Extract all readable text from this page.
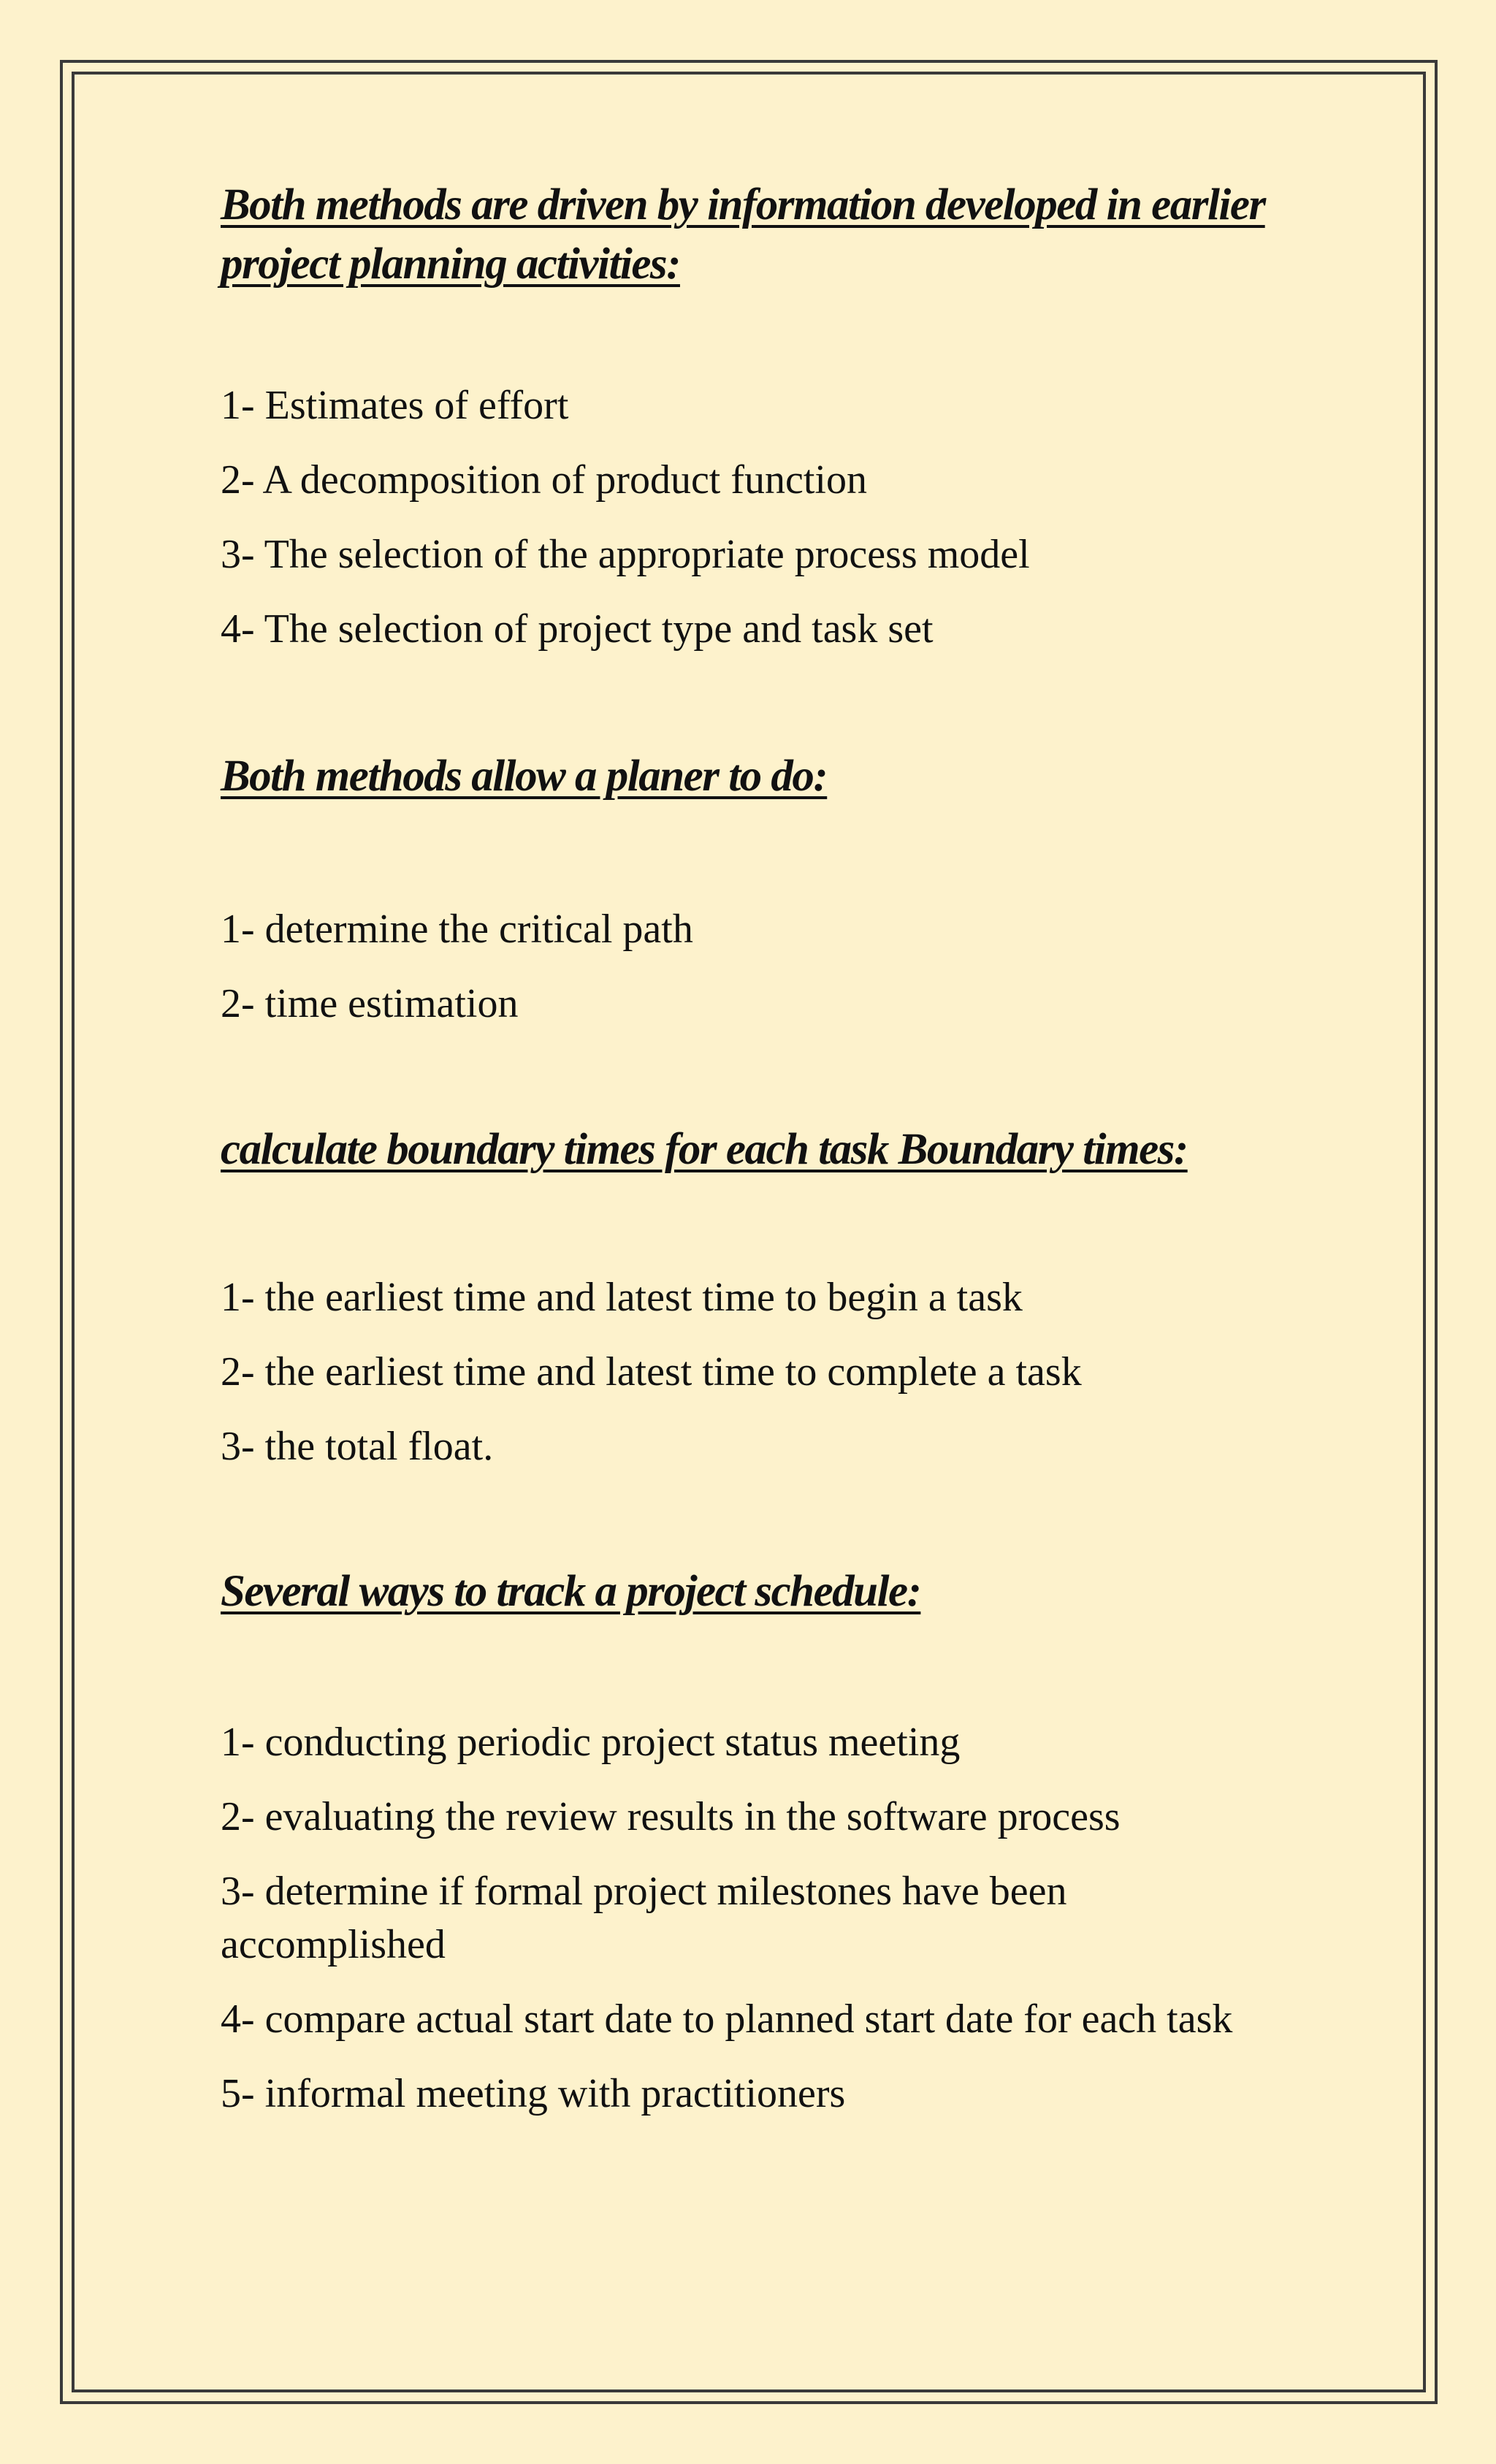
Both methods are driven by information developed in earlier project planning activities:
1- Estimates of effort
2- A decomposition of product function
3- The selection of the appropriate process model
4- The selection of project type and task set
Both methods allow a planer to do:
1- determine the critical path
2- time estimation
calculate boundary times for each task Boundary times:
1- the earliest time and latest time to begin a task
2- the earliest time and latest time to complete a task
3- the total float.
Several ways to track a project schedule:
1- conducting periodic project status meeting
2- evaluating the review results in the software process
3- determine if formal project milestones have been accomplished
4- compare actual start date to planned start date for each task
5- informal meeting with practitioners
